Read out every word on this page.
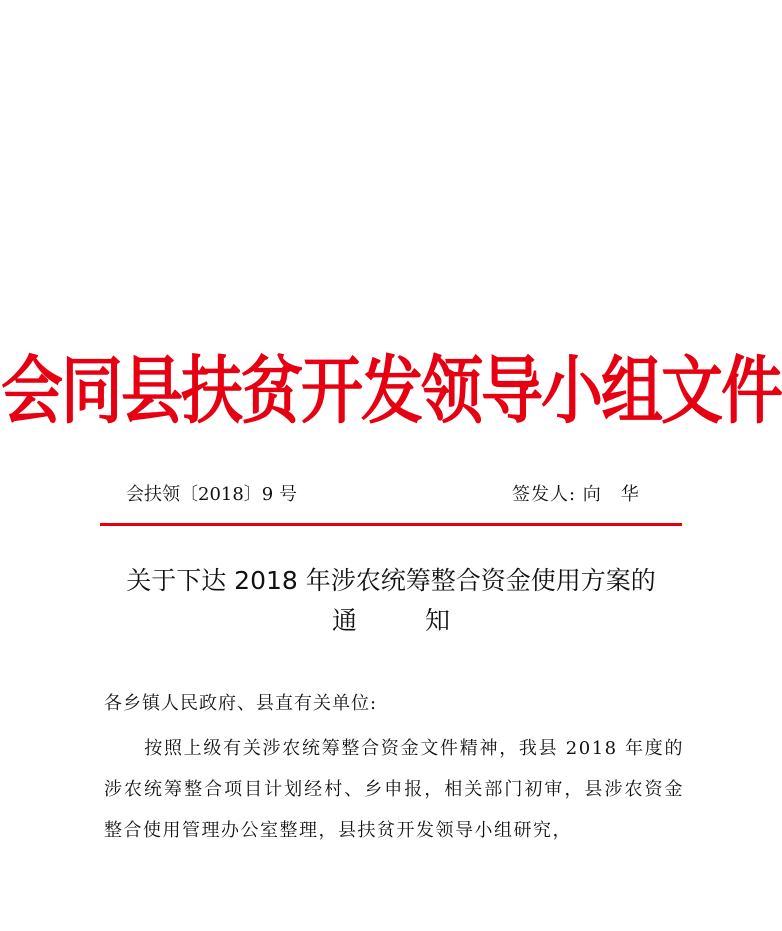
会同县扶贫开发领导小组文件
会扶领〔2018〕9 号	签发人: 向　华
关于下达 2018 年涉农统筹整合资金使用方案的
通知
各乡镇人民政府、县直有关单位:
按照上级有关涉农统筹整合资金文件精神，我县 2018 年度的涉农统筹整合项目计划经村、乡申报，相关部门初审，县涉农资金整合使用管理办公室整理，县扶贫开发领导小组研究，
